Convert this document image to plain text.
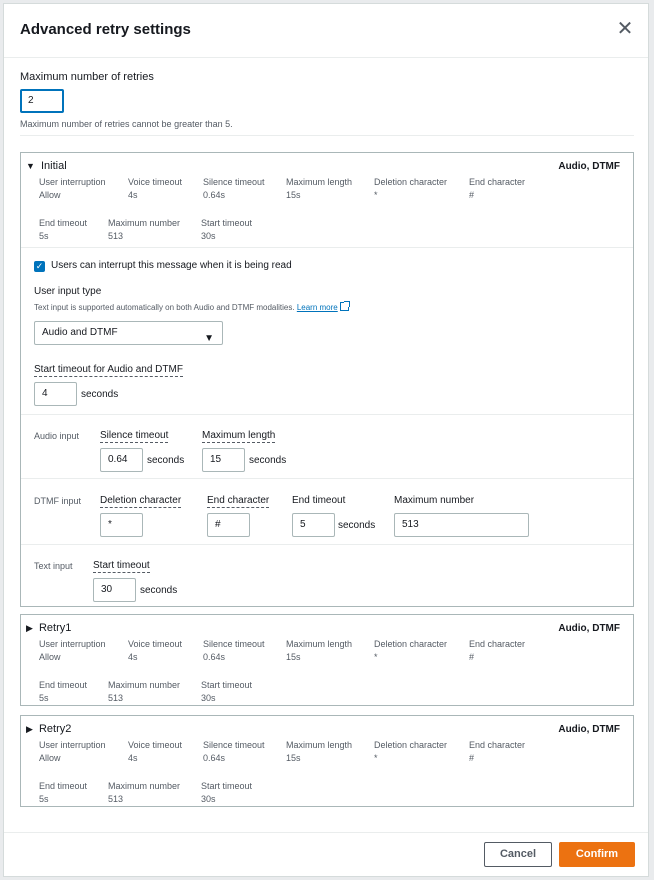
Advanced retry settings	✕
Maximum number of retries
2
Maximum number of retries cannot be greater than 5.
▼ Initial	Audio, DTMF
User interruption
Allow
Voice timeout
4s
Silence timeout
0.64s
Maximum length
15s
Deletion character
*
End character
#
End timeout
5s
Maximum number
513
Start timeout
30s
✓ Users can interrupt this message when it is being read
User input type
Text input is supported automatically on both Audio and DTMF modalities. Learn more
Audio and DTMF
▼
Start timeout for Audio and DTMF
4	seconds
Audio input Silence timeout
0.64	seconds
Maximum length
15	seconds
DTMF input Deletion character
*
End character
#
End timeout
5	seconds
Maximum number
513
Text input Start timeout
30	seconds
▶ Retry1	Audio, DTMF
User interruption
Allow
Voice timeout
4s
Silence timeout
0.64s
Maximum length
15s
Deletion character
*
End character
#
End timeout
5s
Maximum number
513
Start timeout
30s
▶ Retry2	Audio, DTMF
User interruption
Allow
Voice timeout
4s
Silence timeout
0.64s
Maximum length
15s
Deletion character
*
End character
#
End timeout
5s
Maximum number
513
Start timeout
30s
Cancel	Confirm
